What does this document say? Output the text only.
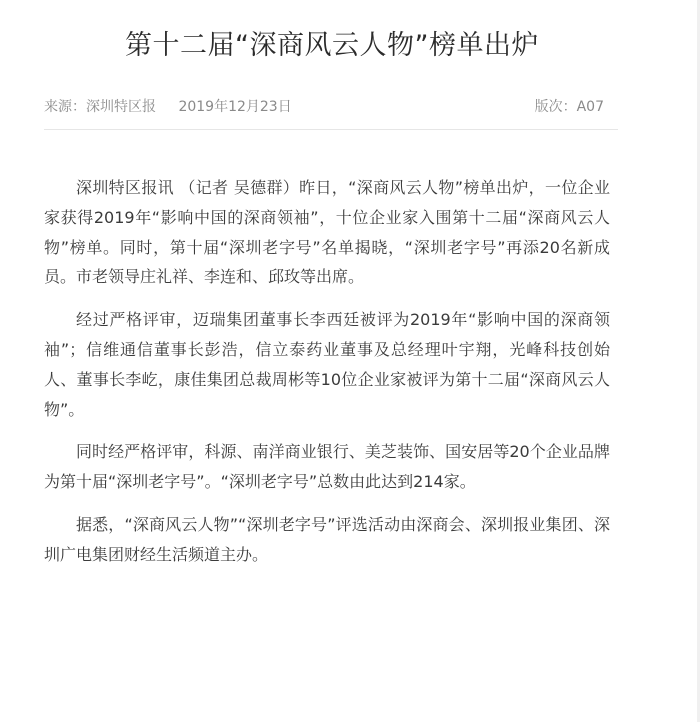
第十二届“深商风云人物”榜单出炉
来源：深圳特区报 2019年12月23日	版次：A07

深圳特区报讯 （记者 吴德群）昨日，“深商风云人物”榜单出炉，一位企业家获得2019年“影响中国的深商领袖”，十位企业家入围第十二届“深商风云人物”榜单。同时，第十届“深圳老字号”名单揭晓，“深圳老字号”再添20名新成员。市老领导庄礼祥、李连和、邱玫等出席。

经过严格评审，迈瑞集团董事长李西廷被评为2019年“影响中国的深商领袖”；信维通信董事长彭浩，信立泰药业董事及总经理叶宇翔，光峰科技创始人、董事长李屹，康佳集团总裁周彬等10位企业家被评为第十二届“深商风云人物”。

同时经严格评审，科源、南洋商业银行、美芝装饰、国安居等20个企业品牌为第十届“深圳老字号”。“深圳老字号”总数由此达到214家。

据悉，“深商风云人物”“深圳老字号”评选活动由深商会、深圳报业集团、深圳广电集团财经生活频道主办。
